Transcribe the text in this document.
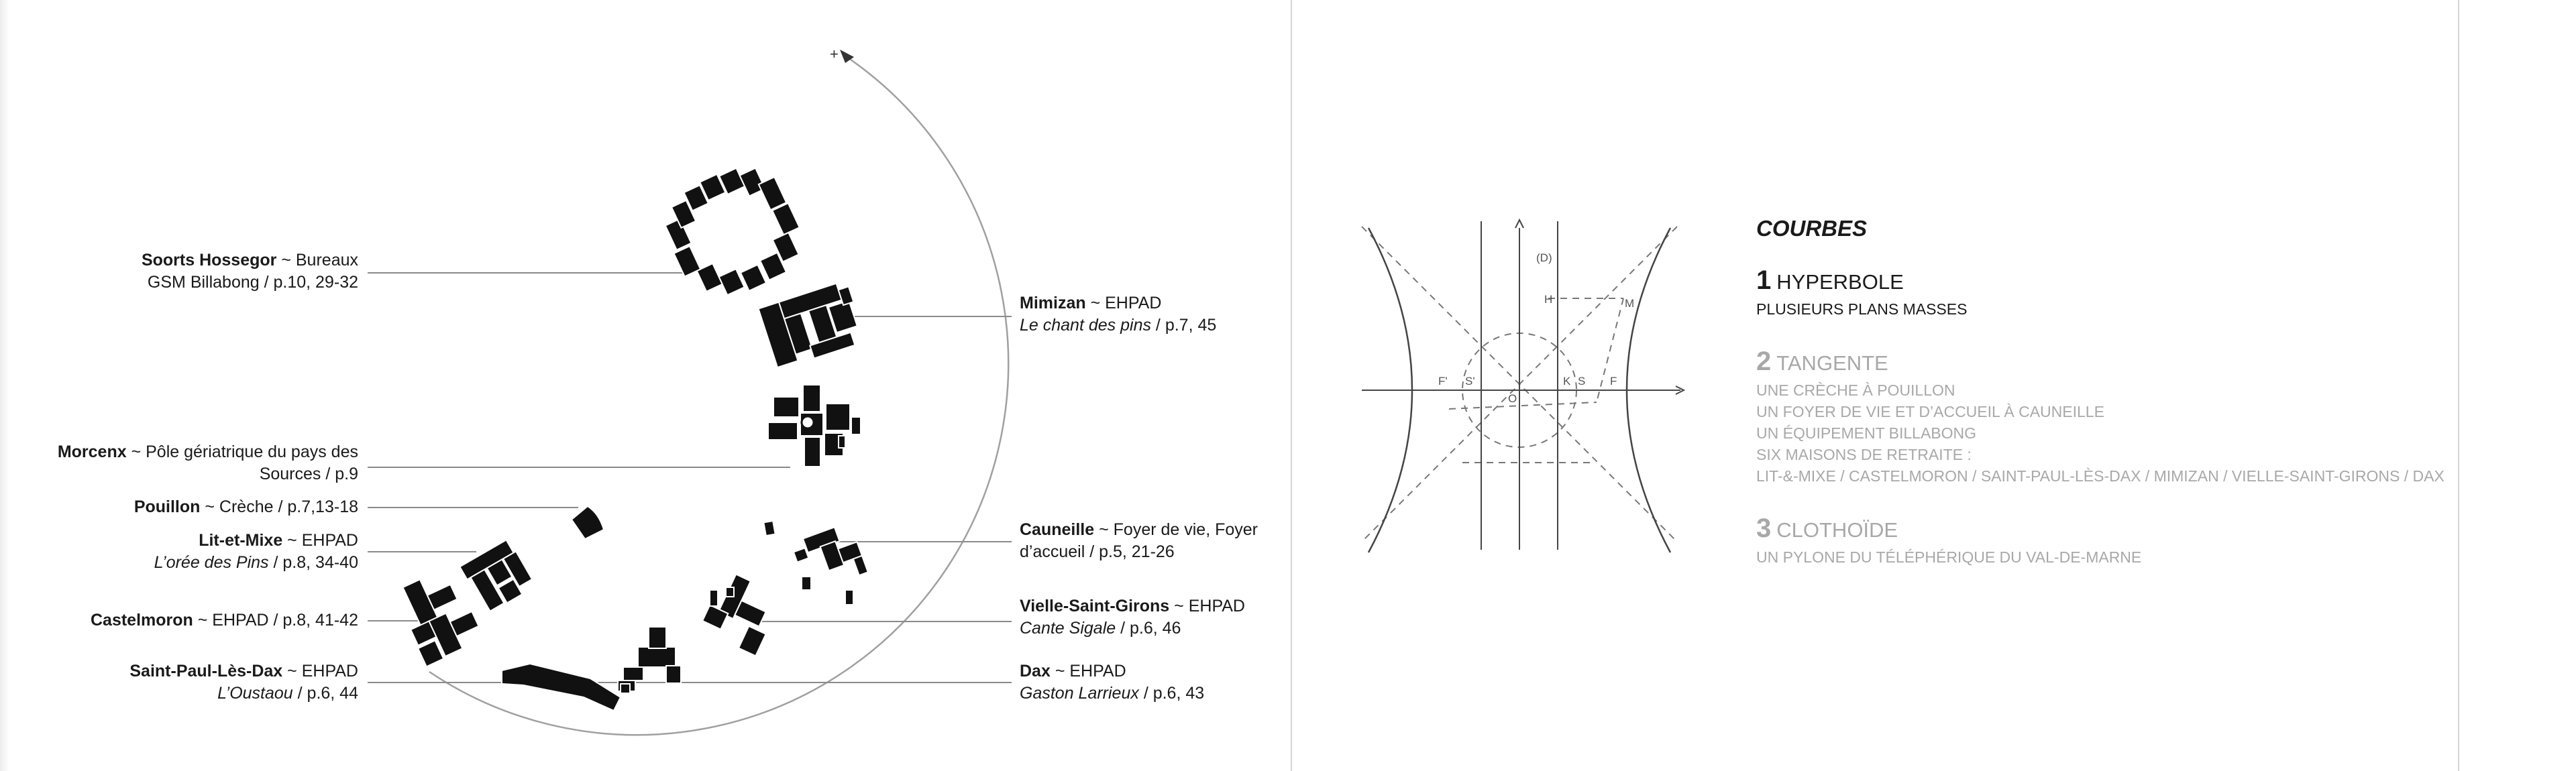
+
(D)
H	M
F' S'
O
K S F
Soorts Hossegor ~ Bureaux
GSM Billabong / p.10, 29-32
Morcenx ~ Pôle gériatrique du pays des
Sources / p.9
Pouillon ~ Crèche / p.7,13-18
Lit-et-Mixe ~ EHPAD
L’orée des Pins / p.8, 34-40
Castelmoron ~ EHPAD / p.8, 41-42
Saint-Paul-Lès-Dax ~ EHPAD
L’Oustaou / p.6, 44
Mimizan ~ EHPAD
Le chant des pins / p.7, 45
Cauneille ~ Foyer de vie, Foyer
d’accueil / p.5, 21-26
Vielle-Saint-Girons ~ EHPAD
Cante Sigale / p.6, 46
Dax ~ EHPAD
Gaston Larrieux / p.6, 43
COURBES
1 HYPERBOLE
PLUSIEURS PLANS MASSES
2 TANGENTE
UNE CRÈCHE À POUILLON
UN FOYER DE VIE ET D’ACCUEIL À CAUNEILLE
UN ÉQUIPEMENT BILLABONG
SIX MAISONS DE RETRAITE :
LIT-&-MIXE / CASTELMORON / SAINT-PAUL-LÈS-DAX / MIMIZAN / VIELLE-SAINT-GIRONS / DAX
3 CLOTHOÏDE
UN PYLONE DU TÉLÉPHÉRIQUE DU VAL-DE-MARNE
